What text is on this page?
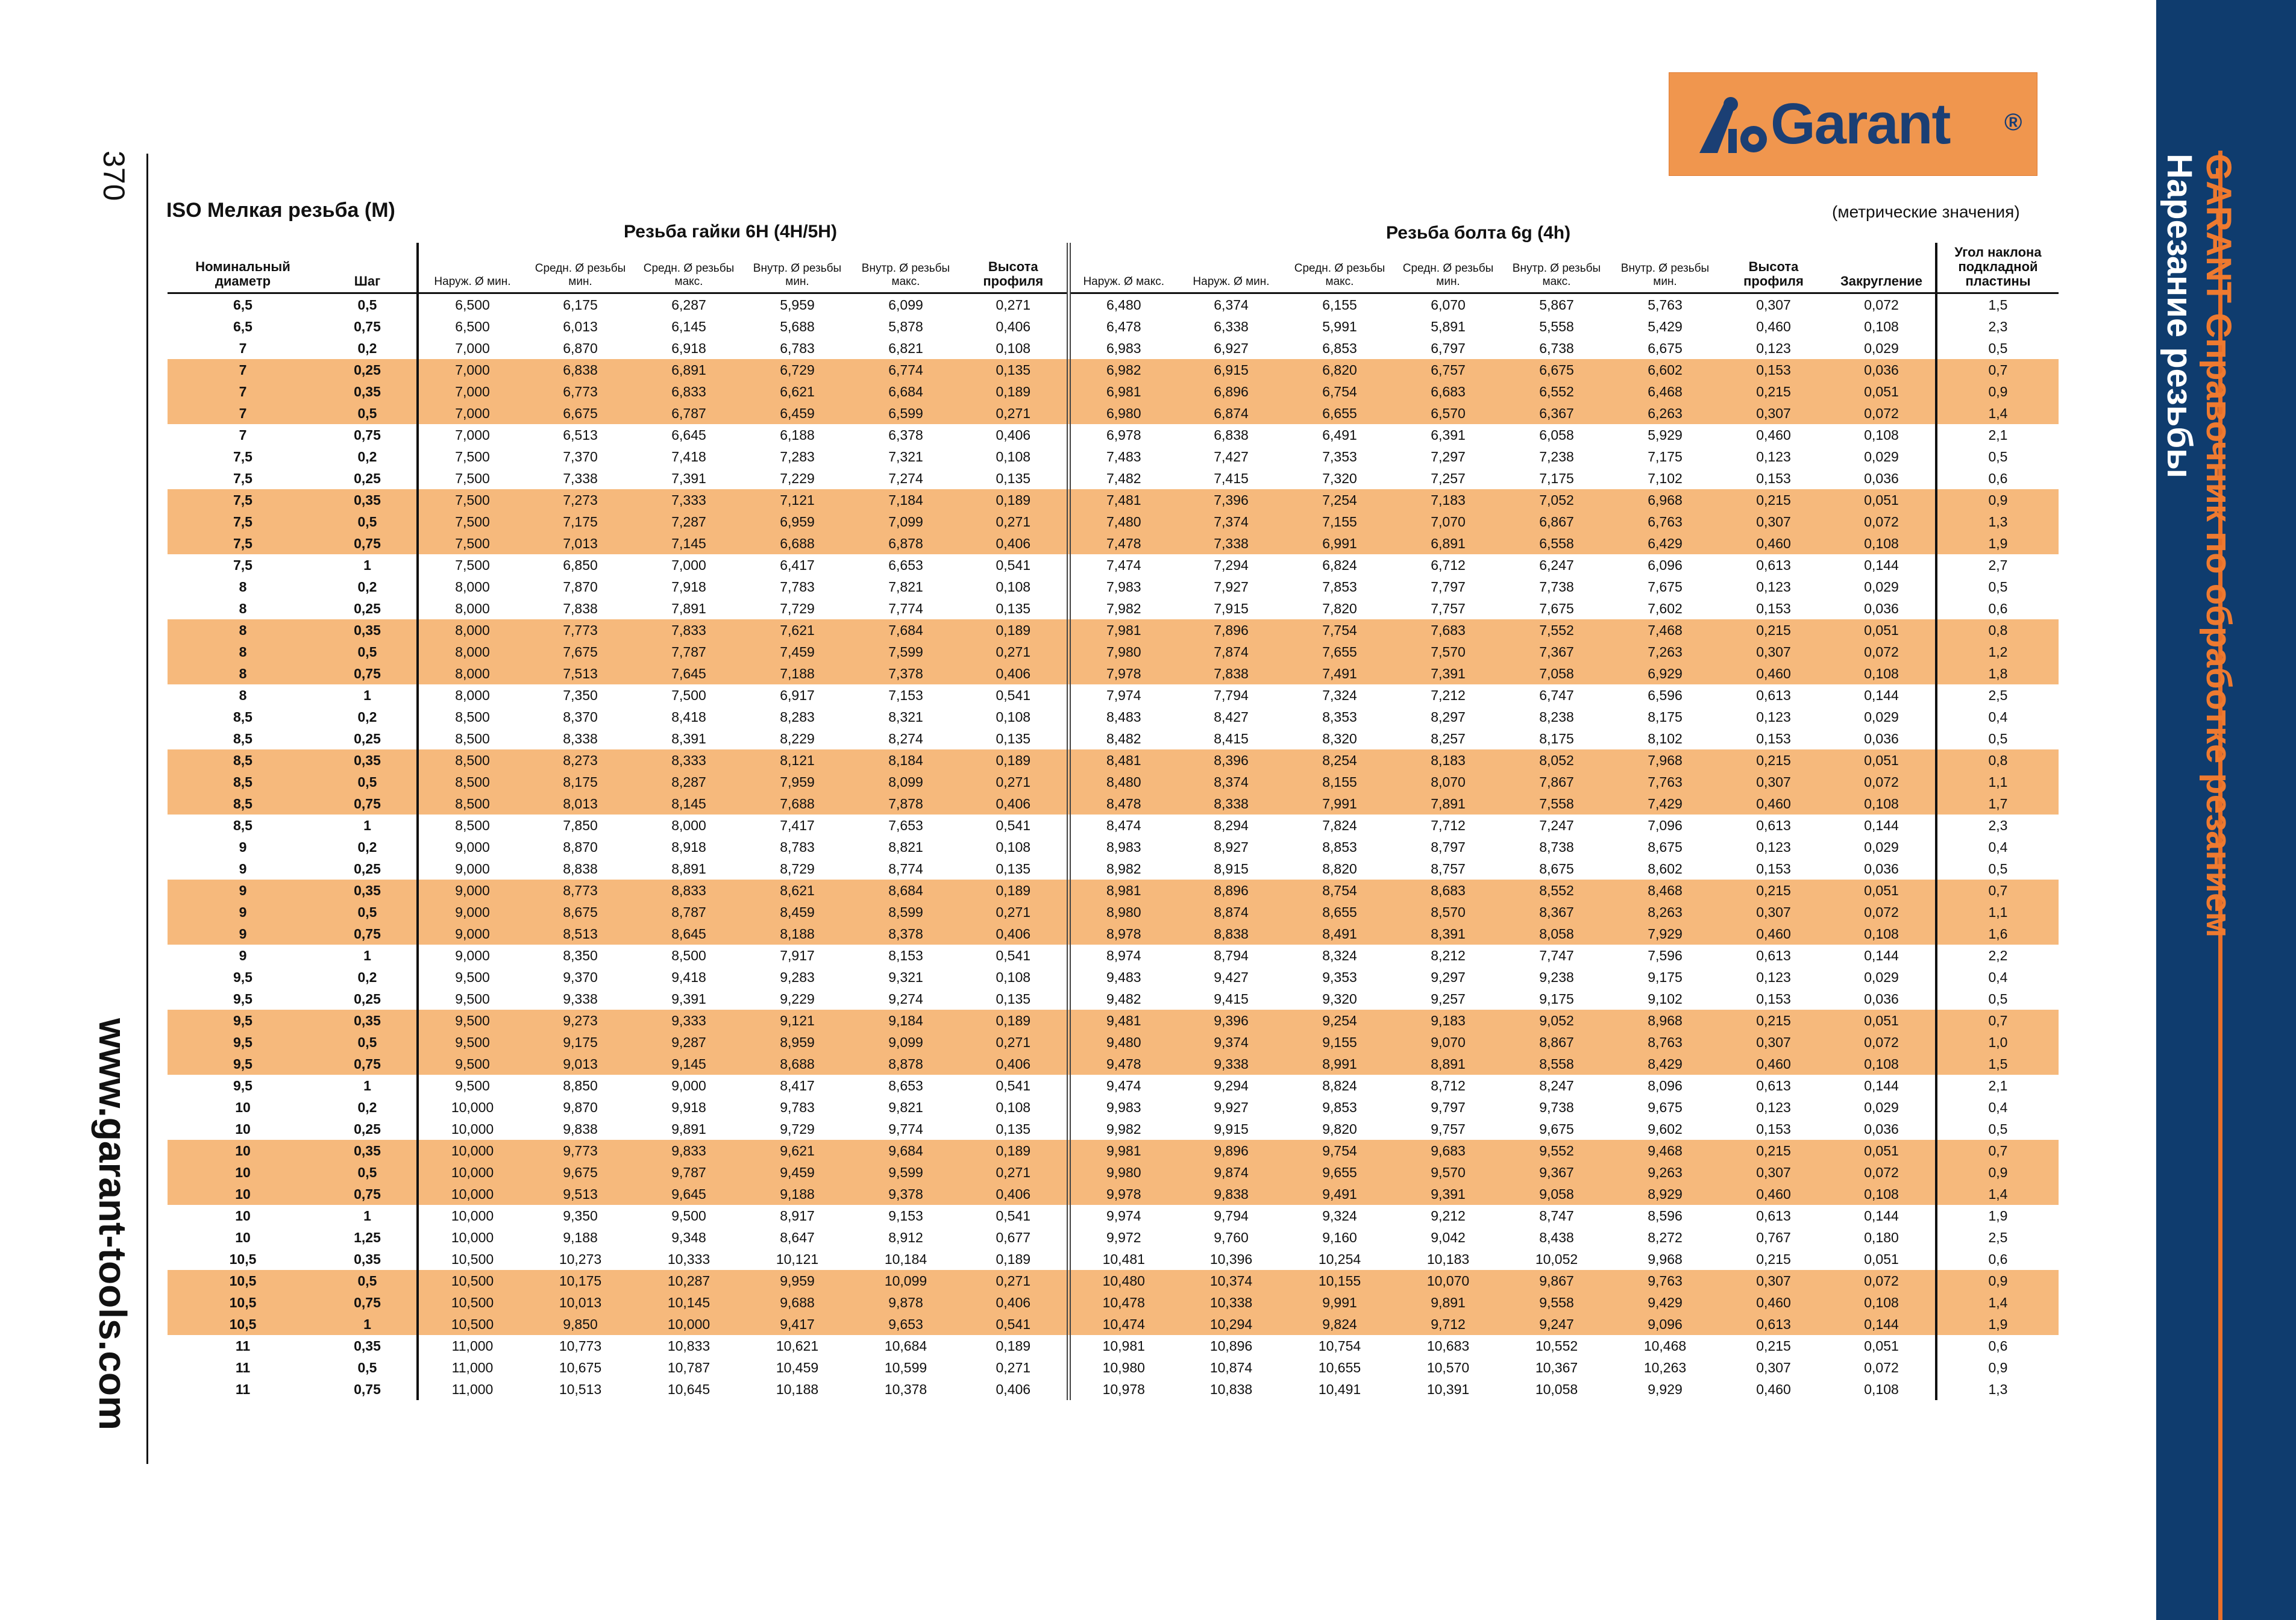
GARANT Справочник по обработке резанием
Нарезание резьбы
Garant ®
370
www.garant-tools.com
ISO Мелкая резьба (M)	(метрические значения)
Резьба гайки 6H (4H/5H)	Резьба болта 6g (4h)
Номинальный диаметр	Шаг	Наруж. Ø мин.	Средн. Ø резьбы мин.	Средн. Ø резьбы макс.	Внутр. Ø резьбы мин.	Внутр. Ø резьбы макс.	Высота профиля	Наруж. Ø макс.	Наруж. Ø мин.	Средн. Ø резьбы макс.	Средн. Ø резьбы мин.	Внутр. Ø резьбы макс.	Внутр. Ø резьбы мин.	Высота профиля	Закругление	Угол наклона подкладной пластины
6,5	0,5	6,500	6,175	6,287	5,959	6,099	0,271	6,480	6,374	6,155	6,070	5,867	5,763	0,307	0,072	1,5
6,5	0,75	6,500	6,013	6,145	5,688	5,878	0,406	6,478	6,338	5,991	5,891	5,558	5,429	0,460	0,108	2,3
7	0,2	7,000	6,870	6,918	6,783	6,821	0,108	6,983	6,927	6,853	6,797	6,738	6,675	0,123	0,029	0,5
7	0,25	7,000	6,838	6,891	6,729	6,774	0,135	6,982	6,915	6,820	6,757	6,675	6,602	0,153	0,036	0,7
7	0,35	7,000	6,773	6,833	6,621	6,684	0,189	6,981	6,896	6,754	6,683	6,552	6,468	0,215	0,051	0,9
7	0,5	7,000	6,675	6,787	6,459	6,599	0,271	6,980	6,874	6,655	6,570	6,367	6,263	0,307	0,072	1,4
7	0,75	7,000	6,513	6,645	6,188	6,378	0,406	6,978	6,838	6,491	6,391	6,058	5,929	0,460	0,108	2,1
7,5	0,2	7,500	7,370	7,418	7,283	7,321	0,108	7,483	7,427	7,353	7,297	7,238	7,175	0,123	0,029	0,5
7,5	0,25	7,500	7,338	7,391	7,229	7,274	0,135	7,482	7,415	7,320	7,257	7,175	7,102	0,153	0,036	0,6
7,5	0,35	7,500	7,273	7,333	7,121	7,184	0,189	7,481	7,396	7,254	7,183	7,052	6,968	0,215	0,051	0,9
7,5	0,5	7,500	7,175	7,287	6,959	7,099	0,271	7,480	7,374	7,155	7,070	6,867	6,763	0,307	0,072	1,3
7,5	0,75	7,500	7,013	7,145	6,688	6,878	0,406	7,478	7,338	6,991	6,891	6,558	6,429	0,460	0,108	1,9
7,5	1	7,500	6,850	7,000	6,417	6,653	0,541	7,474	7,294	6,824	6,712	6,247	6,096	0,613	0,144	2,7
8	0,2	8,000	7,870	7,918	7,783	7,821	0,108	7,983	7,927	7,853	7,797	7,738	7,675	0,123	0,029	0,5
8	0,25	8,000	7,838	7,891	7,729	7,774	0,135	7,982	7,915	7,820	7,757	7,675	7,602	0,153	0,036	0,6
8	0,35	8,000	7,773	7,833	7,621	7,684	0,189	7,981	7,896	7,754	7,683	7,552	7,468	0,215	0,051	0,8
8	0,5	8,000	7,675	7,787	7,459	7,599	0,271	7,980	7,874	7,655	7,570	7,367	7,263	0,307	0,072	1,2
8	0,75	8,000	7,513	7,645	7,188	7,378	0,406	7,978	7,838	7,491	7,391	7,058	6,929	0,460	0,108	1,8
8	1	8,000	7,350	7,500	6,917	7,153	0,541	7,974	7,794	7,324	7,212	6,747	6,596	0,613	0,144	2,5
8,5	0,2	8,500	8,370	8,418	8,283	8,321	0,108	8,483	8,427	8,353	8,297	8,238	8,175	0,123	0,029	0,4
8,5	0,25	8,500	8,338	8,391	8,229	8,274	0,135	8,482	8,415	8,320	8,257	8,175	8,102	0,153	0,036	0,5
8,5	0,35	8,500	8,273	8,333	8,121	8,184	0,189	8,481	8,396	8,254	8,183	8,052	7,968	0,215	0,051	0,8
8,5	0,5	8,500	8,175	8,287	7,959	8,099	0,271	8,480	8,374	8,155	8,070	7,867	7,763	0,307	0,072	1,1
8,5	0,75	8,500	8,013	8,145	7,688	7,878	0,406	8,478	8,338	7,991	7,891	7,558	7,429	0,460	0,108	1,7
8,5	1	8,500	7,850	8,000	7,417	7,653	0,541	8,474	8,294	7,824	7,712	7,247	7,096	0,613	0,144	2,3
9	0,2	9,000	8,870	8,918	8,783	8,821	0,108	8,983	8,927	8,853	8,797	8,738	8,675	0,123	0,029	0,4
9	0,25	9,000	8,838	8,891	8,729	8,774	0,135	8,982	8,915	8,820	8,757	8,675	8,602	0,153	0,036	0,5
9	0,35	9,000	8,773	8,833	8,621	8,684	0,189	8,981	8,896	8,754	8,683	8,552	8,468	0,215	0,051	0,7
9	0,5	9,000	8,675	8,787	8,459	8,599	0,271	8,980	8,874	8,655	8,570	8,367	8,263	0,307	0,072	1,1
9	0,75	9,000	8,513	8,645	8,188	8,378	0,406	8,978	8,838	8,491	8,391	8,058	7,929	0,460	0,108	1,6
9	1	9,000	8,350	8,500	7,917	8,153	0,541	8,974	8,794	8,324	8,212	7,747	7,596	0,613	0,144	2,2
9,5	0,2	9,500	9,370	9,418	9,283	9,321	0,108	9,483	9,427	9,353	9,297	9,238	9,175	0,123	0,029	0,4
9,5	0,25	9,500	9,338	9,391	9,229	9,274	0,135	9,482	9,415	9,320	9,257	9,175	9,102	0,153	0,036	0,5
9,5	0,35	9,500	9,273	9,333	9,121	9,184	0,189	9,481	9,396	9,254	9,183	9,052	8,968	0,215	0,051	0,7
9,5	0,5	9,500	9,175	9,287	8,959	9,099	0,271	9,480	9,374	9,155	9,070	8,867	8,763	0,307	0,072	1,0
9,5	0,75	9,500	9,013	9,145	8,688	8,878	0,406	9,478	9,338	8,991	8,891	8,558	8,429	0,460	0,108	1,5
9,5	1	9,500	8,850	9,000	8,417	8,653	0,541	9,474	9,294	8,824	8,712	8,247	8,096	0,613	0,144	2,1
10	0,2	10,000	9,870	9,918	9,783	9,821	0,108	9,983	9,927	9,853	9,797	9,738	9,675	0,123	0,029	0,4
10	0,25	10,000	9,838	9,891	9,729	9,774	0,135	9,982	9,915	9,820	9,757	9,675	9,602	0,153	0,036	0,5
10	0,35	10,000	9,773	9,833	9,621	9,684	0,189	9,981	9,896	9,754	9,683	9,552	9,468	0,215	0,051	0,7
10	0,5	10,000	9,675	9,787	9,459	9,599	0,271	9,980	9,874	9,655	9,570	9,367	9,263	0,307	0,072	0,9
10	0,75	10,000	9,513	9,645	9,188	9,378	0,406	9,978	9,838	9,491	9,391	9,058	8,929	0,460	0,108	1,4
10	1	10,000	9,350	9,500	8,917	9,153	0,541	9,974	9,794	9,324	9,212	8,747	8,596	0,613	0,144	1,9
10	1,25	10,000	9,188	9,348	8,647	8,912	0,677	9,972	9,760	9,160	9,042	8,438	8,272	0,767	0,180	2,5
10,5	0,35	10,500	10,273	10,333	10,121	10,184	0,189	10,481	10,396	10,254	10,183	10,052	9,968	0,215	0,051	0,6
10,5	0,5	10,500	10,175	10,287	9,959	10,099	0,271	10,480	10,374	10,155	10,070	9,867	9,763	0,307	0,072	0,9
10,5	0,75	10,500	10,013	10,145	9,688	9,878	0,406	10,478	10,338	9,991	9,891	9,558	9,429	0,460	0,108	1,4
10,5	1	10,500	9,850	10,000	9,417	9,653	0,541	10,474	10,294	9,824	9,712	9,247	9,096	0,613	0,144	1,9
11	0,35	11,000	10,773	10,833	10,621	10,684	0,189	10,981	10,896	10,754	10,683	10,552	10,468	0,215	0,051	0,6
11	0,5	11,000	10,675	10,787	10,459	10,599	0,271	10,980	10,874	10,655	10,570	10,367	10,263	0,307	0,072	0,9
11	0,75	11,000	10,513	10,645	10,188	10,378	0,406	10,978	10,838	10,491	10,391	10,058	9,929	0,460	0,108	1,3
